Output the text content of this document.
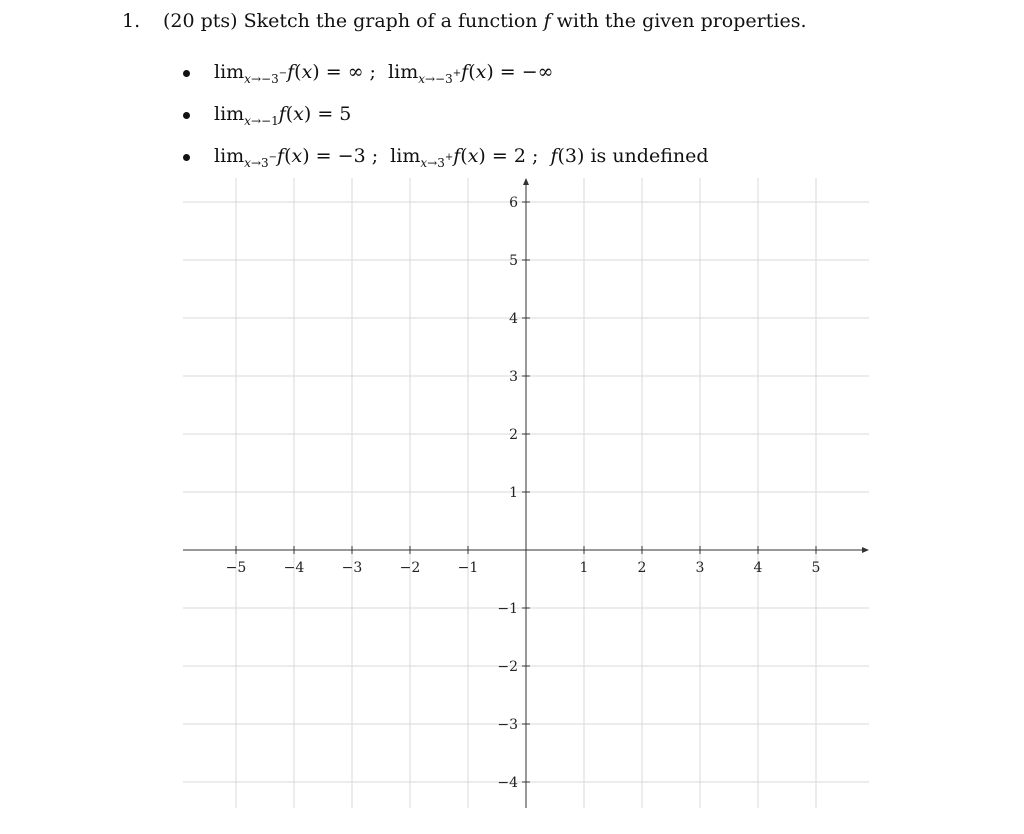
1. (20 pts) Sketch the graph of a function f with the given properties.
$\lim_{x\to-3^-}f(x)$ = ∞ ;  $\lim_{x\to-3^+}f(x)$ = −∞
$\lim_{x\to-1}f(x) = 5$
$\lim_{x\to 3^-}f(x) = -3$ ;  $\lim_{x\to 3^+}f(x) = 2$ ;  f(3) is undefined
−5	−4	−3	−2	−1	1	2	3	4	5
−4
−3
−2
−1
1
2
3
4
5
6
